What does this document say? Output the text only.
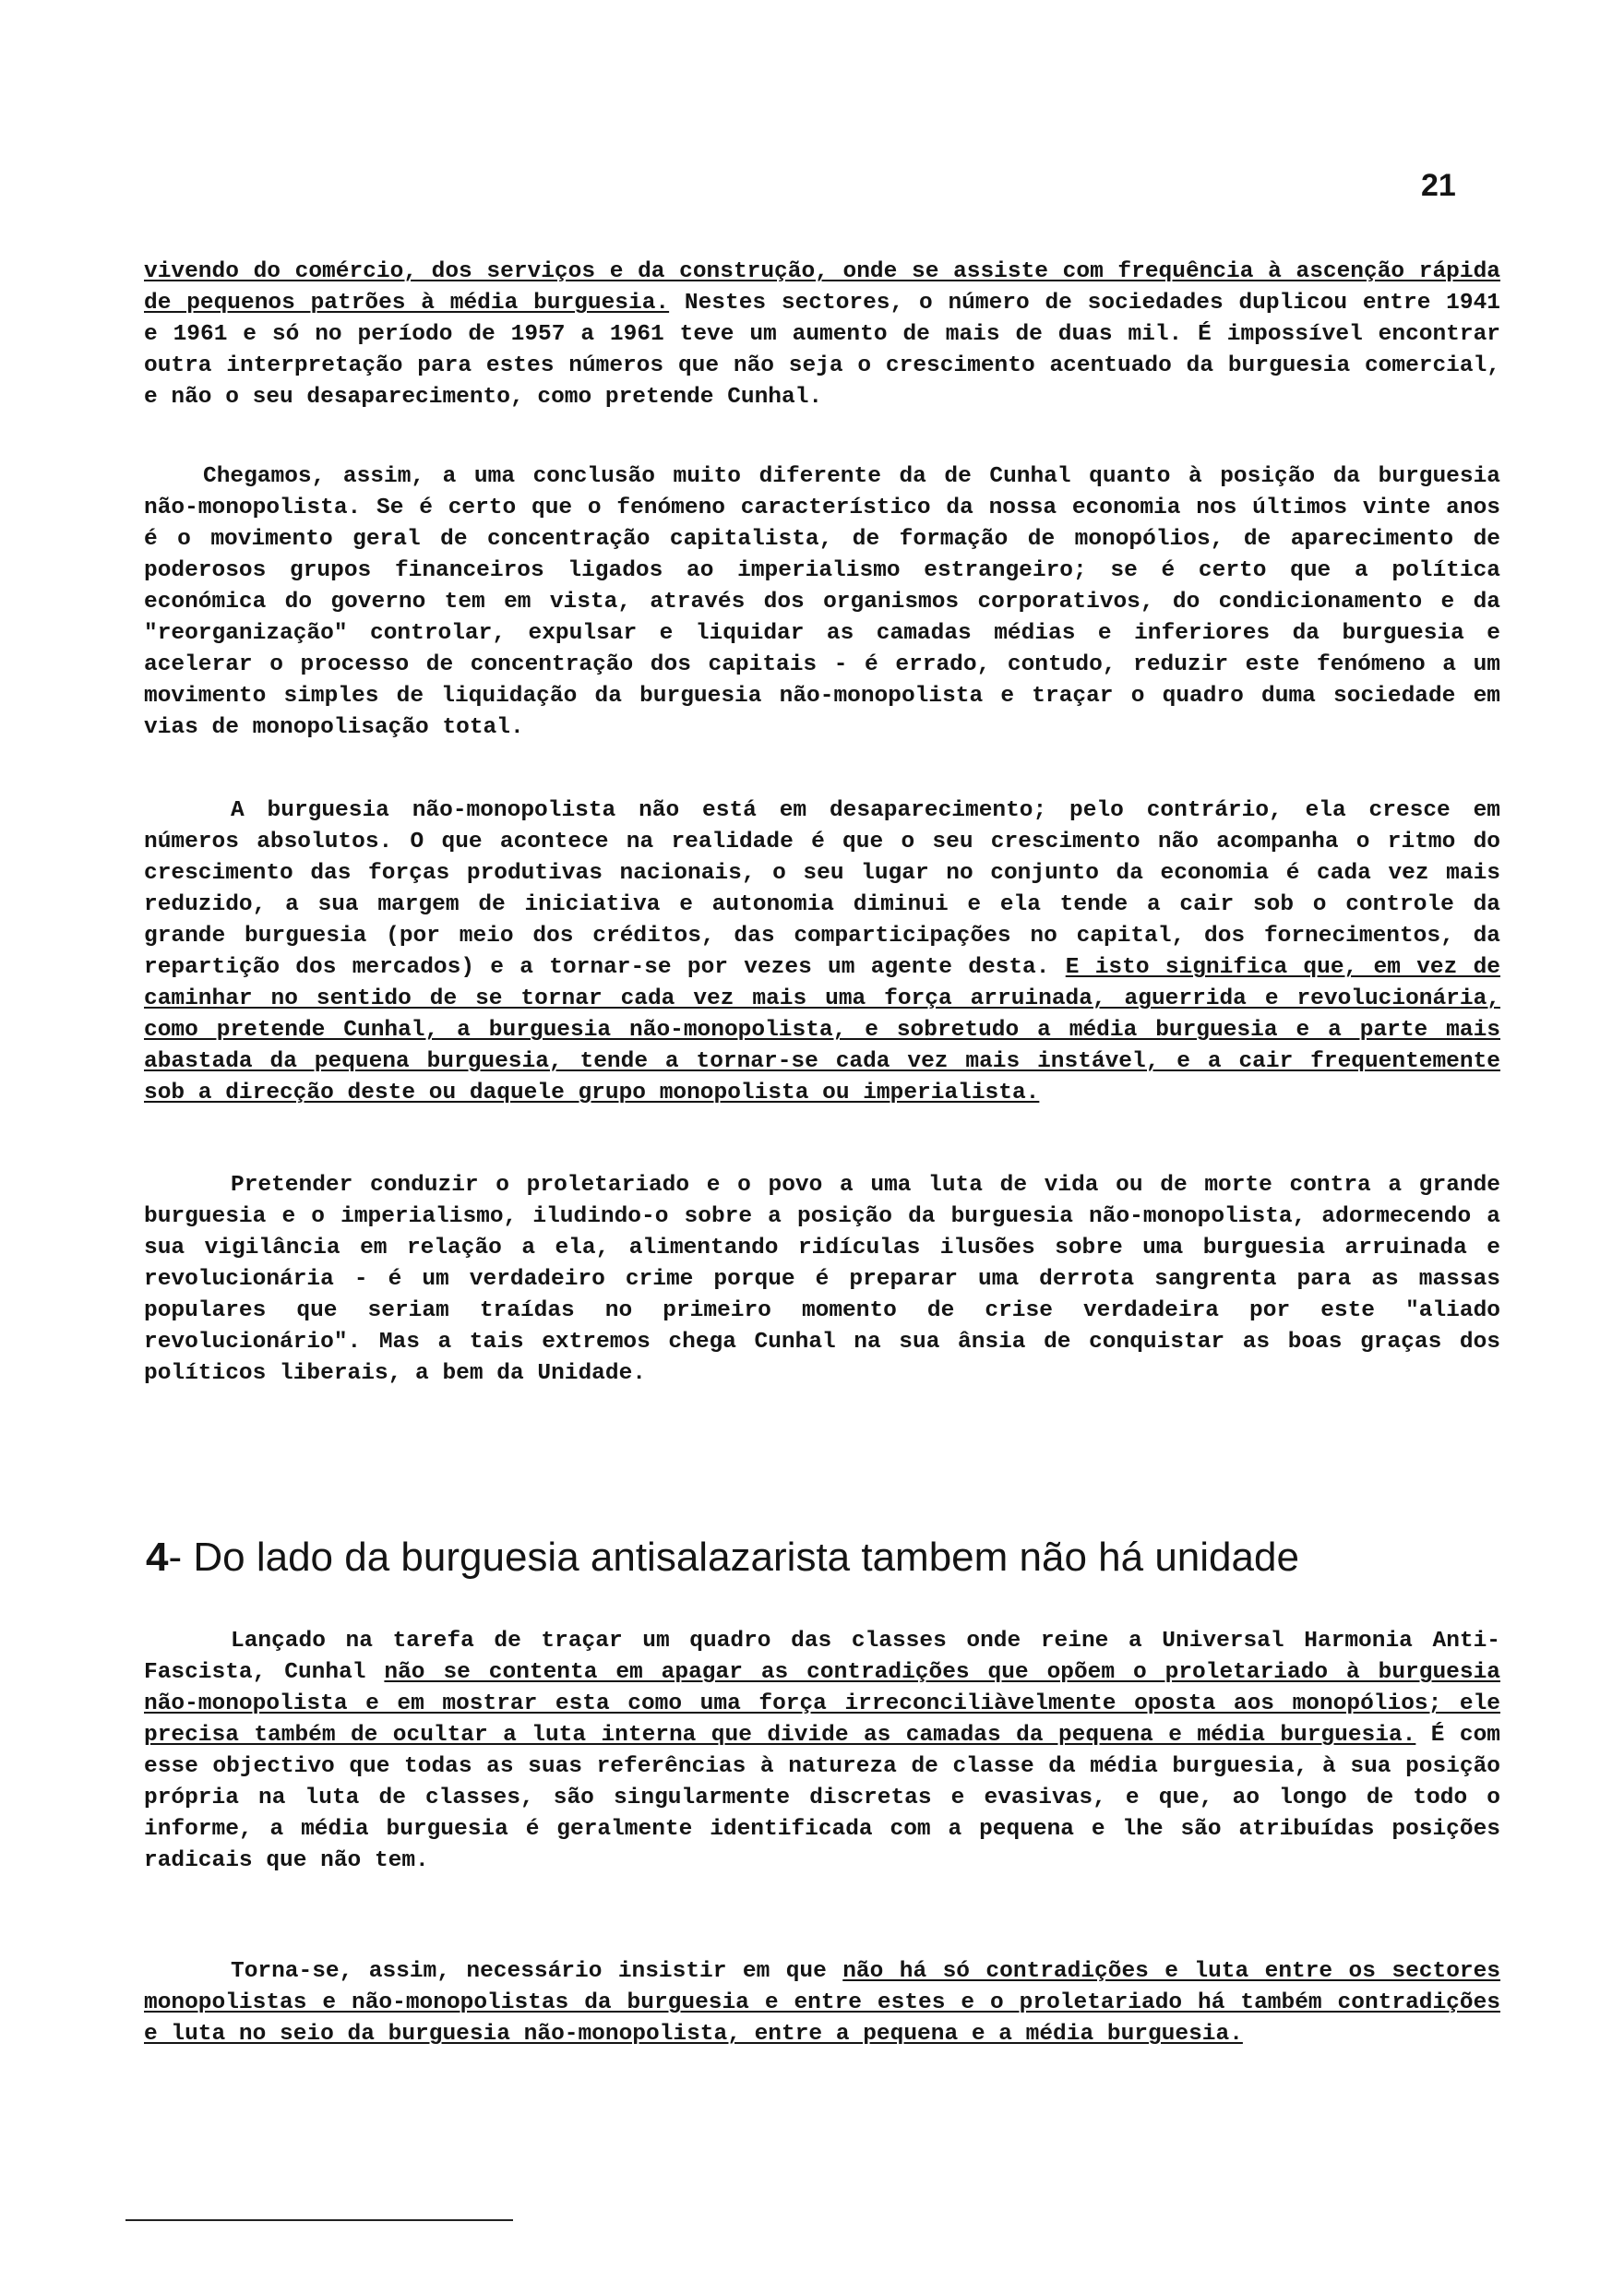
21

vivendo do comércio, dos serviços e da construção, onde se assiste com frequência à ascenção rápida de pequenos patrões à média burguesia. Nestes sectores, o número de sociedades duplicou entre 1941 e 1961 e só no período de 1957 a 1961 teve um aumento de mais de duas mil. É impossível encontrar outra interpretação para estes números que não seja o crescimento acentuado da burguesia comercial, e não o seu desaparecimento, como pretende Cunhal.

Chegamos, assim, a uma conclusão muito diferente da de Cunhal quanto à posição da burguesia não-monopolista. Se é certo que o fenómeno característico da nossa economia nos últimos vinte anos é o movimento geral de concentração capitalista, de formação de monopólios, de aparecimento de poderosos grupos financeiros ligados ao imperialismo estrangeiro; se é certo que a política económica do governo tem em vista, através dos organismos corporativos, do condicionamento e da "reorganização" controlar, expulsar e liquidar as camadas médias e inferiores da burguesia e acelerar o processo de concentração dos capitais - é errado, contudo, reduzir este fenómeno a um movimento simples de liquidação da burguesia não-monopolista e traçar o quadro duma sociedade em vias de monopolisação total.

A burguesia não-monopolista não está em desaparecimento; pelo contrário, ela cresce em números absolutos. O que acontece na realidade é que o seu crescimento não acompanha o ritmo do crescimento das forças produtivas nacionais, o seu lugar no conjunto da economia é cada vez mais reduzido, a sua margem de iniciativa e autonomia diminui e ela tende a cair sob o controle da grande burguesia (por meio dos créditos, das comparticipações no capital, dos fornecimentos, da repartição dos mercados) e a tornar-se por vezes um agente desta. E isto significa que, em vez de caminhar no sentido de se tornar cada vez mais uma força arruinada, aguerrida e revolucionária, como pretende Cunhal, a burguesia não-monopolista, e sobretudo a média burguesia e a parte mais abastada da pequena burguesia, tende a tornar-se cada vez mais instável, e a cair frequentemente sob a direcção deste ou daquele grupo monopolista ou imperialista.

Pretender conduzir o proletariado e o povo a uma luta de vida ou de morte contra a grande burguesia e o imperialismo, iludindo-o sobre a posição da burguesia não-monopolista, adormecendo a sua vigilância em relação a ela, alimentando ridículas ilusões sobre uma burguesia arruinada e revolucionária - é um verdadeiro crime porque é preparar uma derrota sangrenta para as massas populares que seriam traídas no primeiro momento de crise verdadeira por este "aliado revolucionário". Mas a tais extremos chega Cunhal na sua ânsia de conquistar as boas graças dos políticos liberais, a bem da Unidade.

4- Do lado da burguesia antisalazarista tambem não há unidade

Lançado na tarefa de traçar um quadro das classes onde reine a Universal Harmonia Anti-Fascista, Cunhal não se contenta em apagar as contradições que opõem o proletariado à burguesia não-monopolista e em mostrar esta como uma força irreconciliàvelmente oposta aos monopólios; ele precisa também de ocultar a luta interna que divide as camadas da pequena e média burguesia. É com esse objectivo que todas as suas referências à natureza de classe da média burguesia, à sua posição própria na luta de classes, são singularmente discretas e evasivas, e que, ao longo de todo o informe, a média burguesia é geralmente identificada com a pequena e lhe são atribuídas posições radicais que não tem.

Torna-se, assim, necessário insistir em que não há só contradições e luta entre os sectores monopolistas e não-monopolistas da burguesia e entre estes e o proletariado há também contradições e luta no seio da burguesia não-monopolista, entre a pequena e a média burguesia.
